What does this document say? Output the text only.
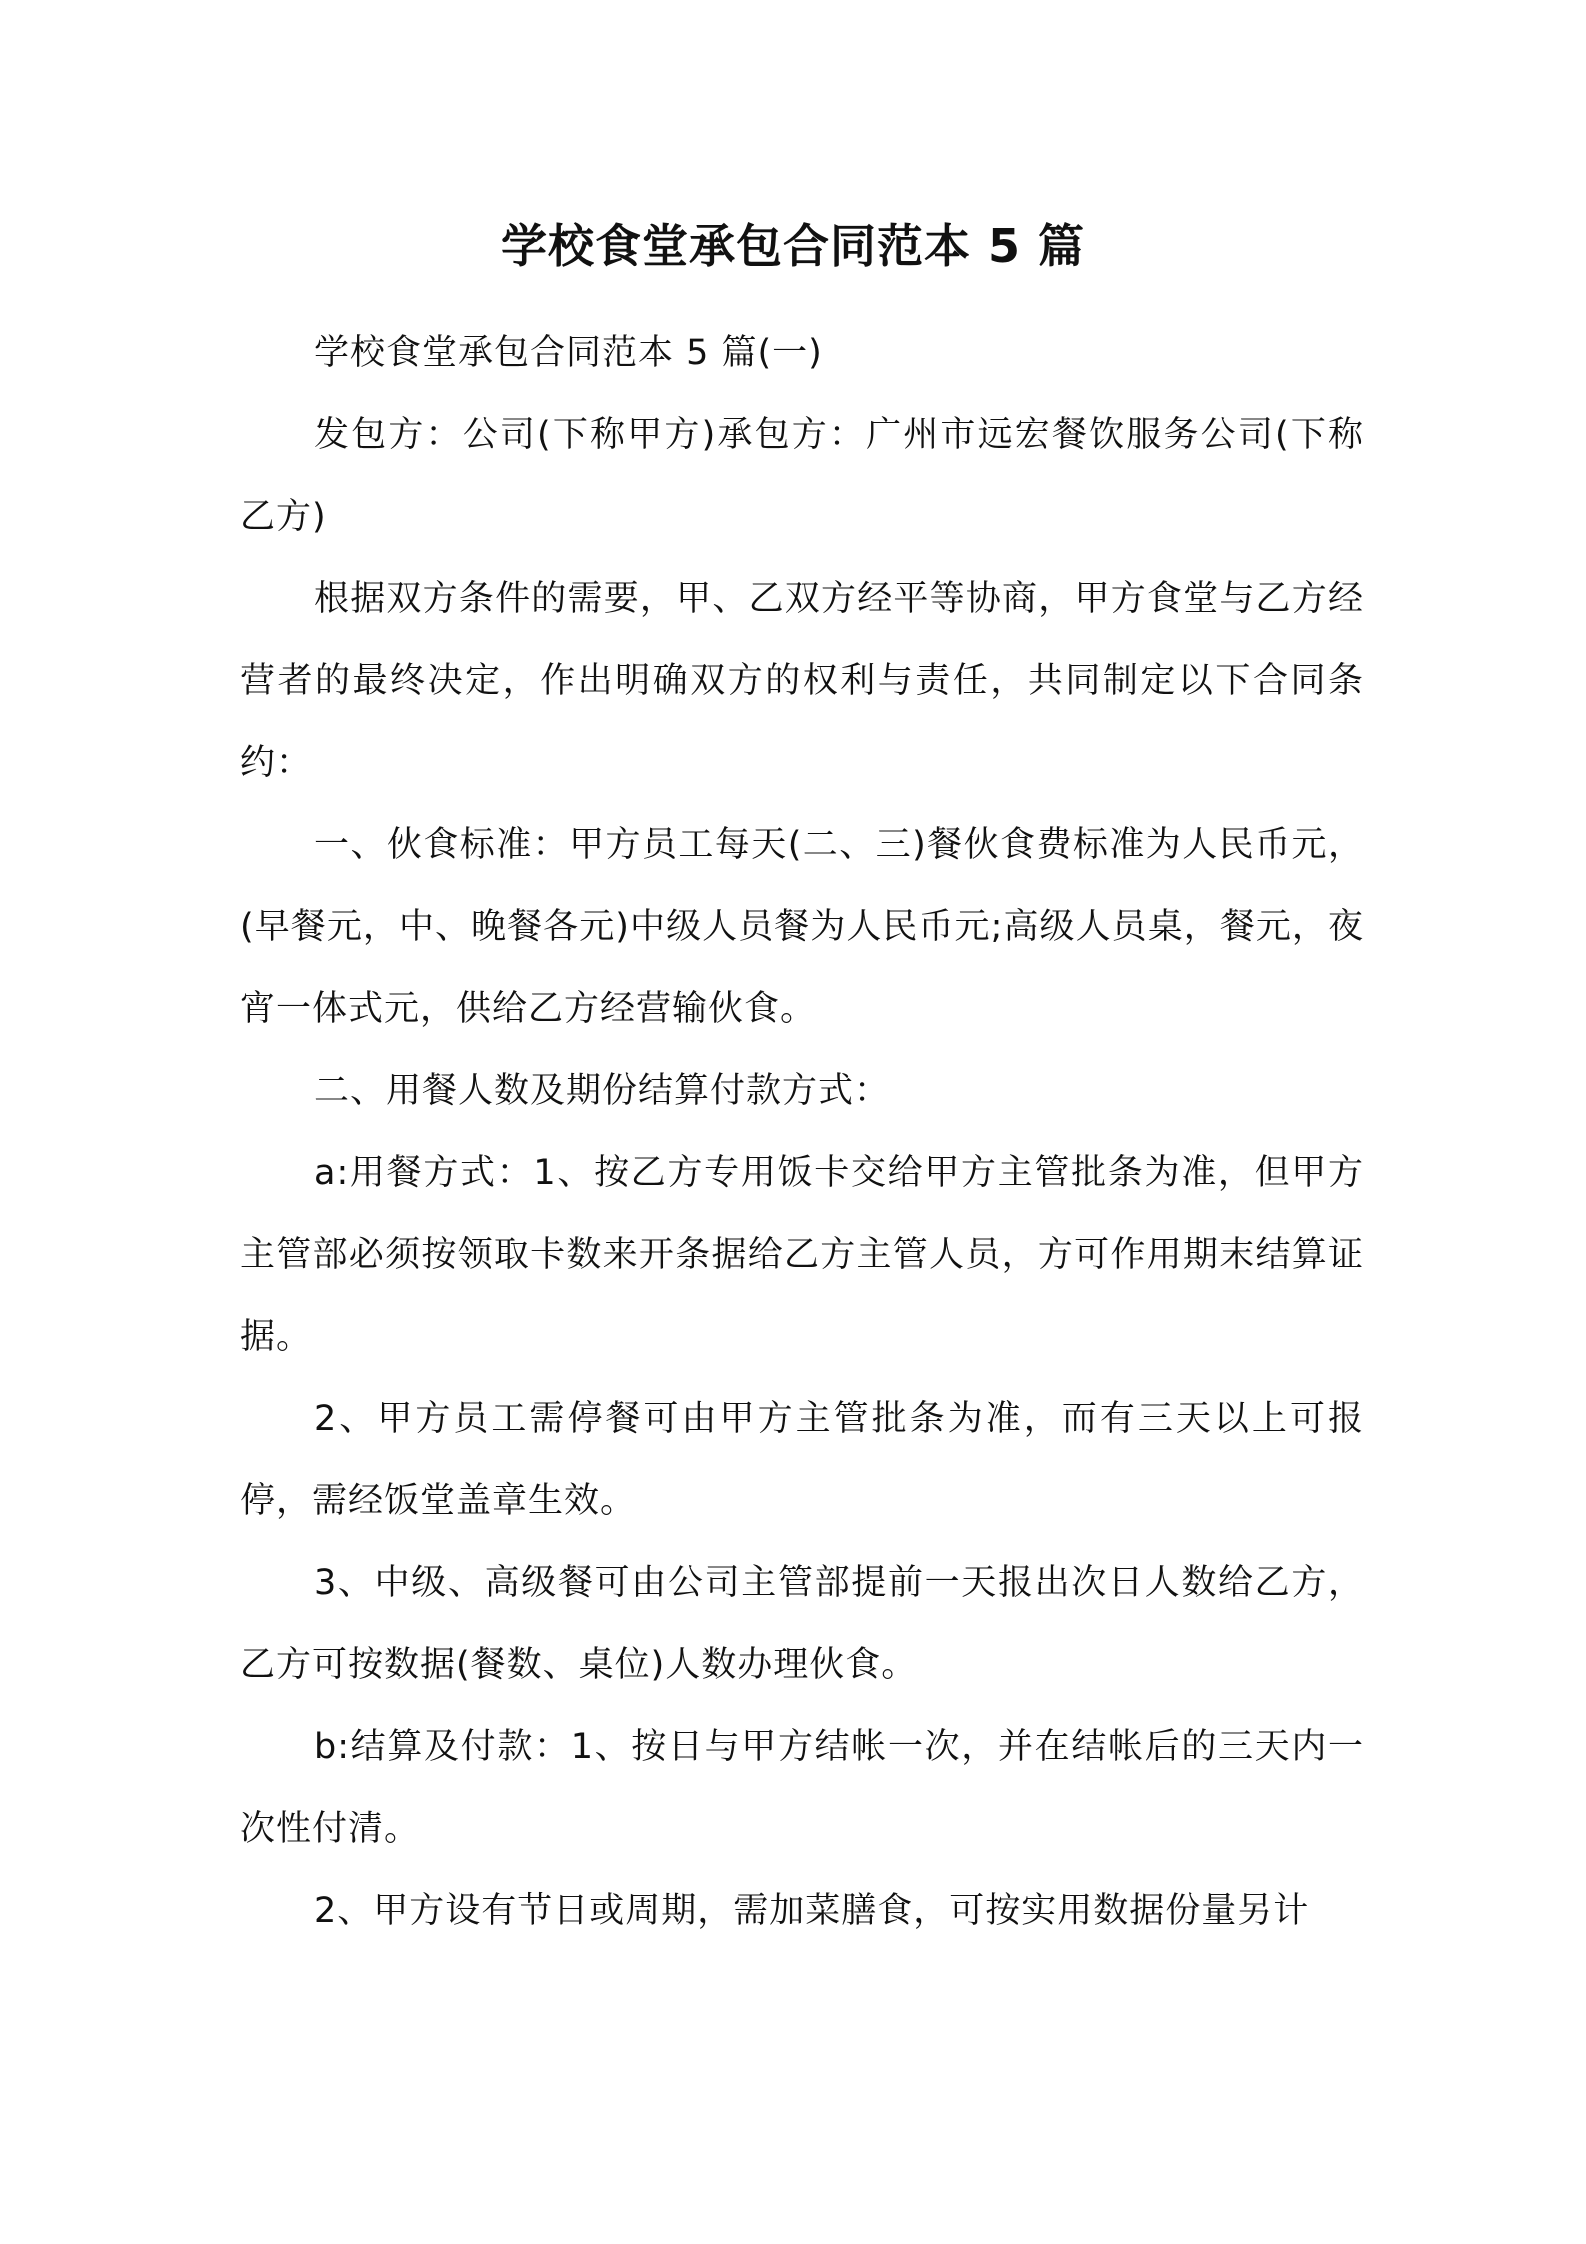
学校食堂承包合同范本 5 篇

学校食堂承包合同范本 5 篇(一)

发包方：公司(下称甲方)承包方：广州市远宏餐饮服务公司(下称乙方)

根据双方条件的需要，甲、乙双方经平等协商，甲方食堂与乙方经营者的最终决定，作出明确双方的权利与责任，共同制定以下合同条约：

一、伙食标准：甲方员工每天(二、三)餐伙食费标准为人民币元，(早餐元，中、晚餐各元)中级人员餐为人民币元;高级人员桌，餐元，夜宵一体式元，供给乙方经营输伙食。

二、用餐人数及期份结算付款方式：

a:用餐方式：1、按乙方专用饭卡交给甲方主管批条为准，但甲方主管部必须按领取卡数来开条据给乙方主管人员，方可作用期末结算证据。

2、甲方员工需停餐可由甲方主管批条为准，而有三天以上可报停，需经饭堂盖章生效。

3、中级、高级餐可由公司主管部提前一天报出次日人数给乙方，乙方可按数据(餐数、桌位)人数办理伙食。

b:结算及付款：1、按日与甲方结帐一次，并在结帐后的三天内一次性付清。

2、甲方设有节日或周期，需加菜膳食，可按实用数据份量另计
